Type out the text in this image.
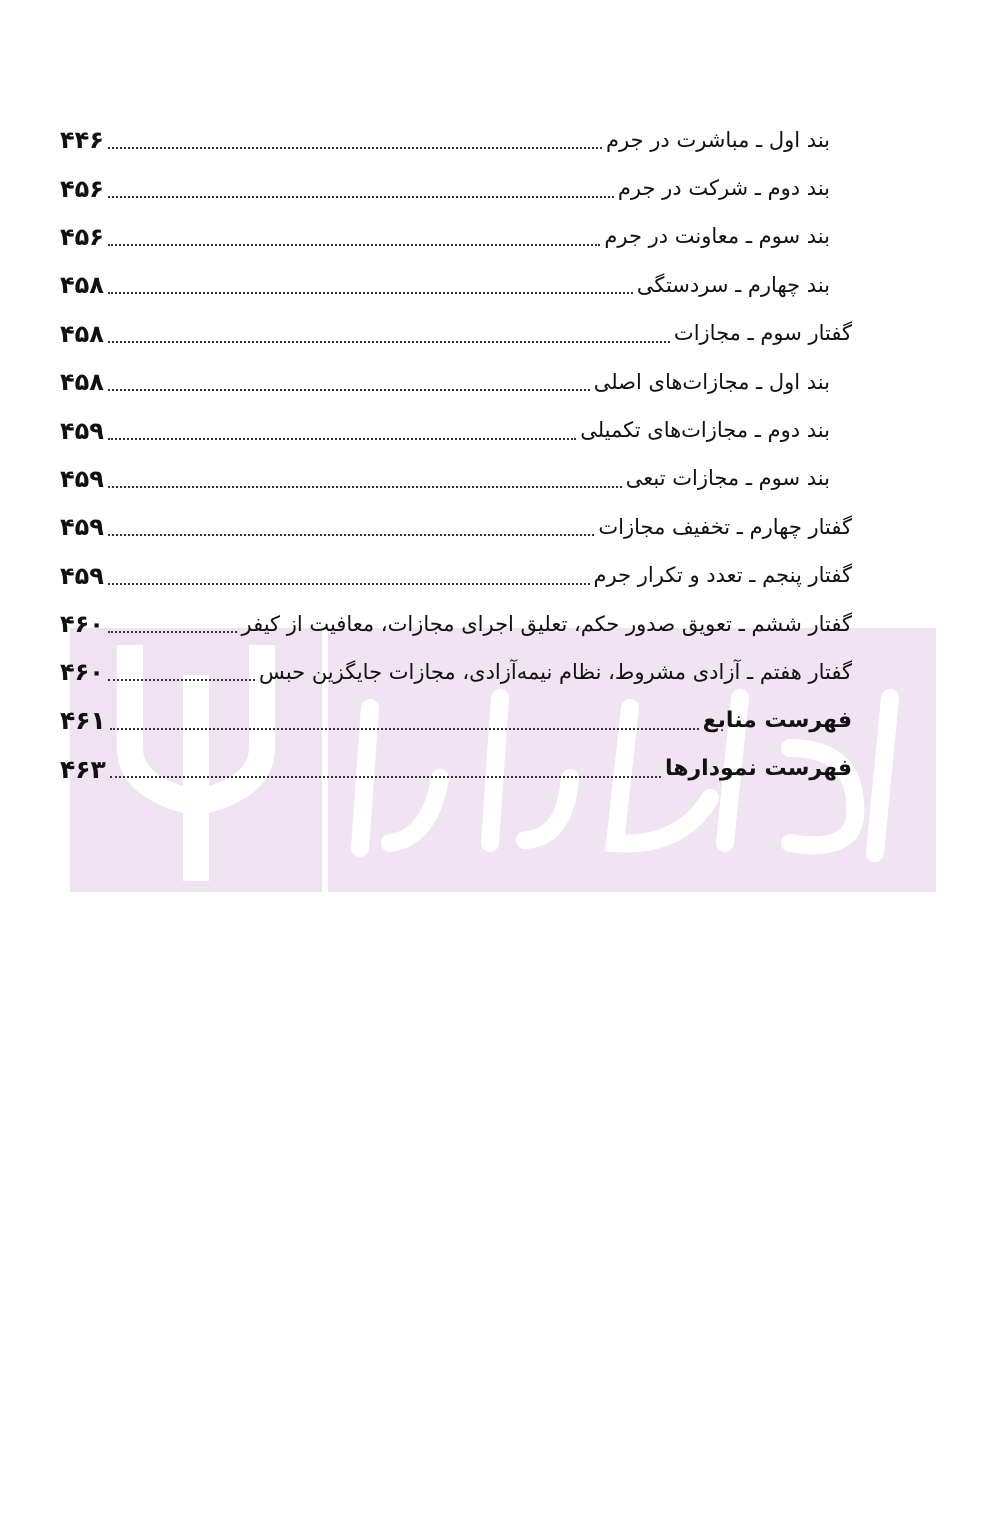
۴۴۶	بند اول ـ مباشرت در جرم
۴۵۶	بند دوم ـ شرکت در جرم
۴۵۶	بند سوم ـ معاونت در جرم
۴۵۸	بند چهارم ـ سردستگی
۴۵۸	گفتار سوم ـ مجازات
۴۵۸	بند اول ـ مجازات‌های اصلی
۴۵۹	بند دوم ـ مجازات‌های تکمیلی
۴۵۹	بند سوم ـ مجازات تبعی
۴۵۹	گفتار چهارم ـ تخفیف مجازات
۴۵۹	گفتار پنجم ـ تعدد و تکرار جرم
۴۶۰	گفتار ششم ـ تعویق صدور حکم، تعلیق اجرای مجازات، معافیت از کیفر
۴۶۰	گفتار هفتم ـ آزادی مشروط، نظام نیمه‌آزادی، مجازات جایگزین حبس
۴۶۱	فهرست منابع
۴۶۳	فهرست نمودارها
